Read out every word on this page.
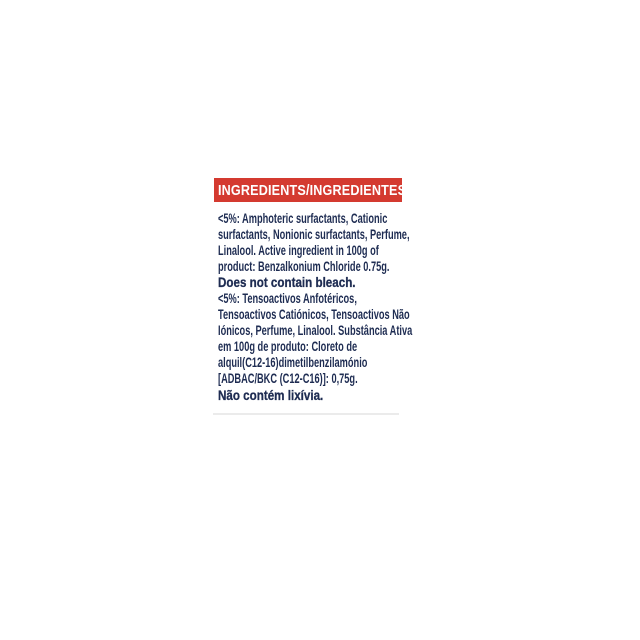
INGREDIENTS/INGREDIENTES
<5%: Amphoteric surfactants, Cationic
surfactants, Nonionic surfactants, Perfume,
Linalool. Active ingredient in 100g of
product: Benzalkonium Chloride 0.75g.
Does not contain bleach.
<5%: Tensoactivos Anfotéricos,
Tensoactivos Catiónicos, Tensoactivos Não
Iónicos, Perfume, Linalool. Substância Ativa
em 100g de produto: Cloreto de
alquil(C12-16)dimetilbenzilamónio
[ADBAC/BKC (C12-C16)]: 0,75g.
Não contém lixívia.
